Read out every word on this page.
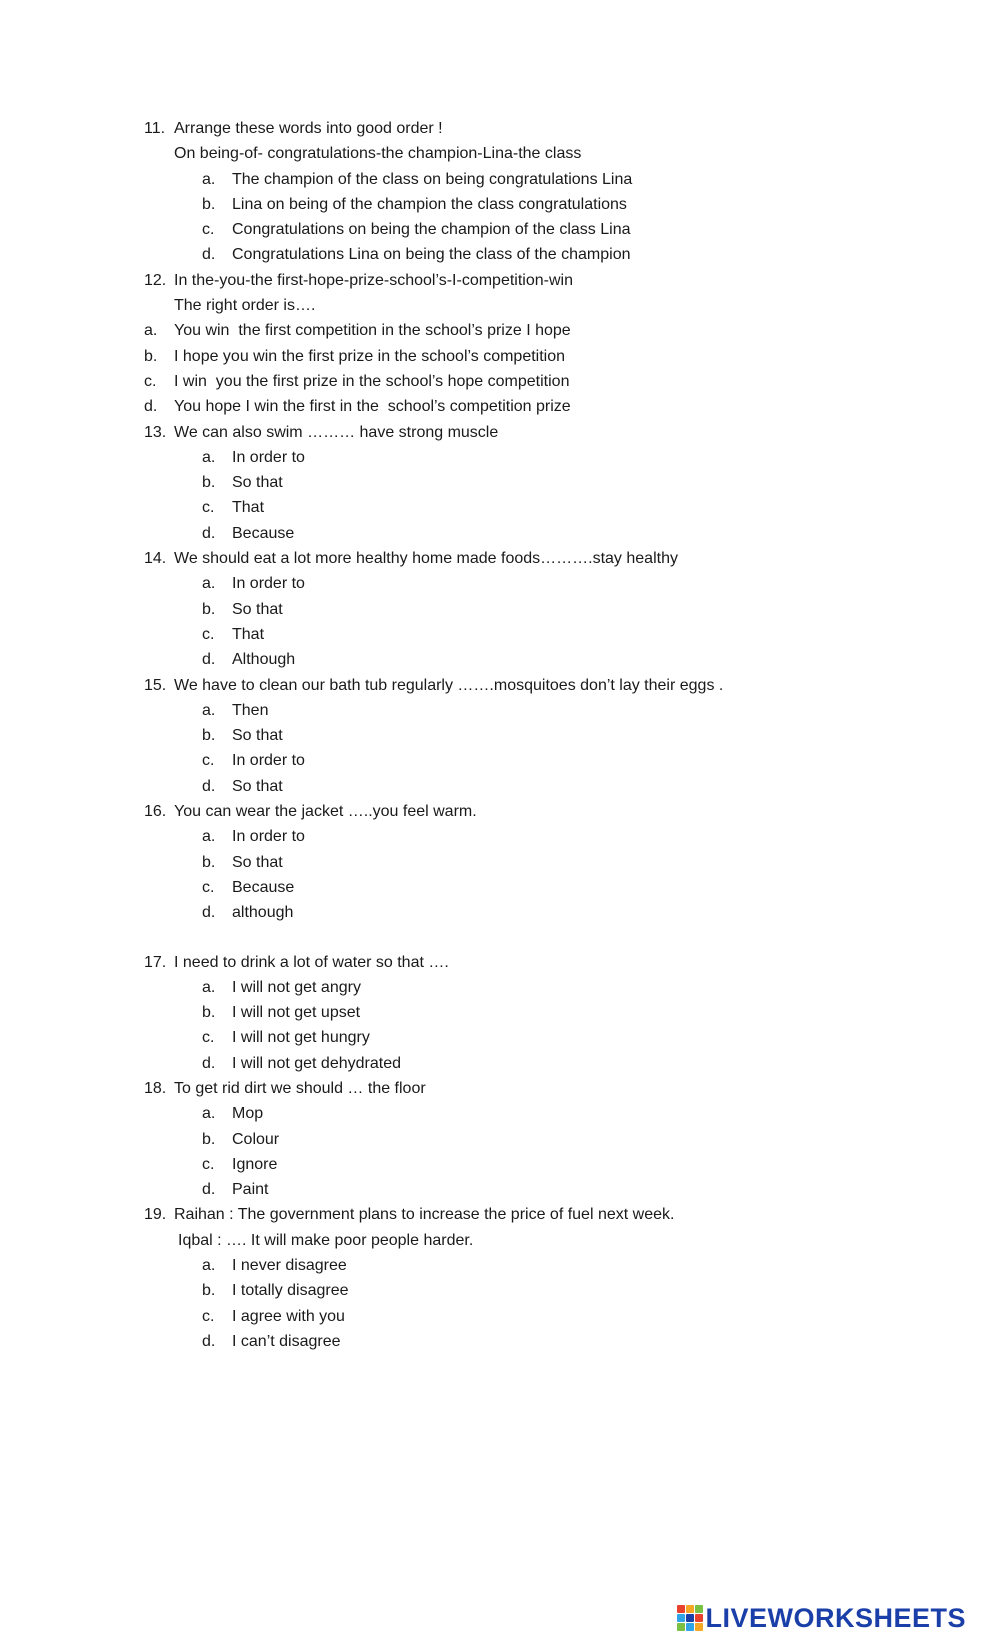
11. Arrange these words into good order !
On being-of- congratulations-the champion-Lina-the class
a. The champion of the class on being congratulations Lina
b. Lina on being of the champion the class congratulations
c. Congratulations on being the champion of the class Lina
d. Congratulations Lina on being the class of the champion
12. In the-you-the first-hope-prize-school’s-I-competition-win
The right order is….
a. You win  the first competition in the school’s prize I hope
b. I hope you win the first prize in the school’s competition
c. I win  you the first prize in the school’s hope competition
d. You hope I win the first in the  school’s competition prize
13. We can also swim ……… have strong muscle
a. In order to
b. So that
c. That
d. Because
14. We should eat a lot more healthy home made foods……….stay healthy
a. In order to
b. So that
c. That
d. Although
15. We have to clean our bath tub regularly …….mosquitoes don’t lay their eggs .
a. Then
b. So that
c. In order to
d. So that
16. You can wear the jacket …..you feel warm.
a. In order to
b. So that
c. Because
d. although
17. I need to drink a lot of water so that ….
a. I will not get angry
b. I will not get upset
c. I will not get hungry
d. I will not get dehydrated
18. To get rid dirt we should … the floor
a. Mop
b. Colour
c. Ignore
d. Paint
19. Raihan : The government plans to increase the price of fuel next week.
Iqbal : …. It will make poor people harder.
a. I never disagree
b. I totally disagree
c. I agree with you
d. I can’t disagree
LIVEWORKSHEETS
